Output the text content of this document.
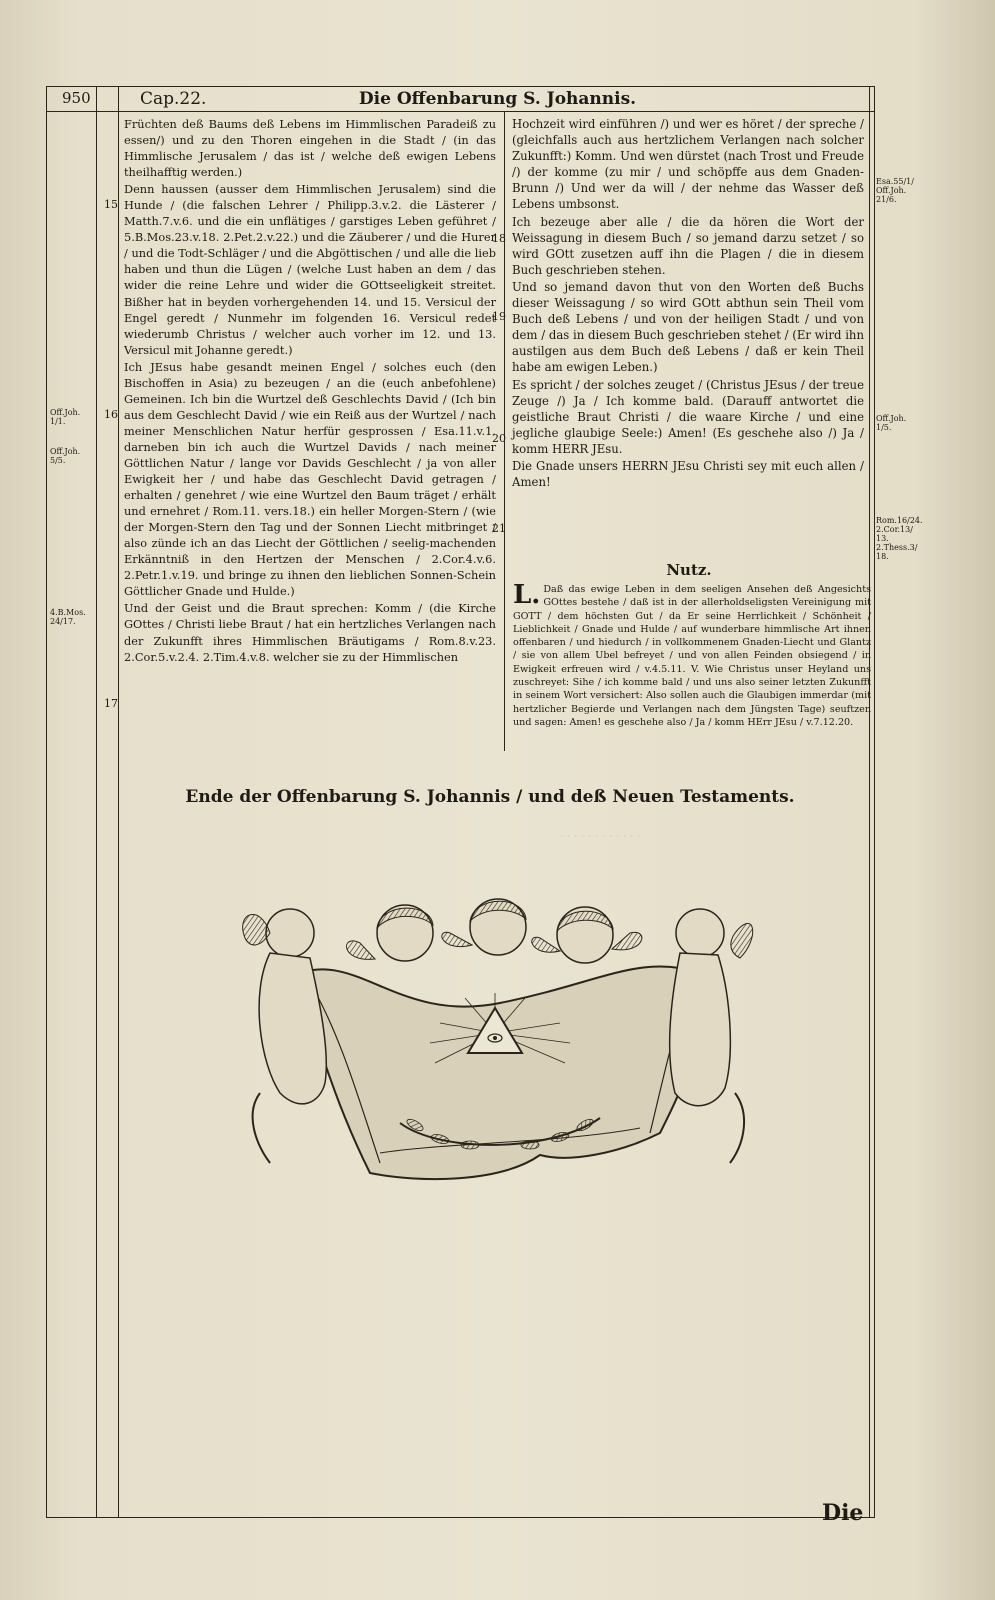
· · · · · · · · · · · ·
950	Cap.22.	Die Offenbarung S. Johannis.
15
16
17
18
19
20
21
Off.Joh. 1/1.
Off.Joh. 5/5.
4.B.Mos. 24/17.
Esa.55/1/ Off.Joh. 21/6.
Off.Joh. 1/5.
Rom.16/24. 2.Cor.13/ 13. 2.Thess.3/ 18.

Früchten deß Baums deß Lebens im Himmlischen Paradeiß zu essen/) und zu den Thoren eingehen in die Stadt / (in das Himmlische Jerusalem / das ist / welche deß ewigen Lebens theilhafftig werden.)

Denn haussen (ausser dem Himmlischen Jerusalem) sind die Hunde / (die falschen Lehrer / Philipp.3.v.2. die Lästerer / Matth.7.v.6. und die ein unflätiges / garstiges Leben geführet / 5.B.Mos.23.v.18. 2.Pet.2.v.22.) und die Zäuberer / und die Hurer / und die Todt-Schläger / und die Abgöttischen / und alle die lieb haben und thun die Lügen / (welche Lust haben an dem / das wider die reine Lehre und wider die GOttseeligkeit streitet. Bißher hat in beyden vorhergehenden 14. und 15. Versicul der Engel geredt / Nunmehr im folgenden 16. Versicul redet wiederumb Christus / welcher auch vorher im 12. und 13. Versicul mit Johanne geredt.)

Ich JEsus habe gesandt meinen Engel / solches euch (den Bischoffen in Asia) zu bezeugen / an die (euch anbefohlene) Gemeinen. Ich bin die Wurtzel deß Geschlechts David / (Ich bin aus dem Geschlecht David / wie ein Reiß aus der Wurtzel / nach meiner Menschlichen Natur herfür gesprossen / Esa.11.v.1. darneben bin ich auch die Wurtzel Davids / nach meiner Göttlichen Natur / lange vor Davids Geschlecht / ja von aller Ewigkeit her / und habe das Geschlecht David getragen / erhalten / genehret / wie eine Wurtzel den Baum träget / erhält und ernehret / Rom.11. vers.18.) ein heller Morgen-Stern / (wie der Morgen-Stern den Tag und der Sonnen Liecht mitbringet / also zünde ich an das Liecht der Göttlichen / seelig-machenden Erkänntniß in den Hertzen der Menschen / 2.Cor.4.v.6. 2.Petr.1.v.19. und bringe zu ihnen den lieblichen Sonnen-Schein Göttlicher Gnade und Hulde.)

Und der Geist und die Braut sprechen: Komm / (die Kirche GOttes / Christi liebe Braut / hat ein hertzliches Verlangen nach der Zukunfft ihres Himmlischen Bräutigams / Rom.8.v.23. 2.Cor.5.v.2.4. 2.Tim.4.v.8. welcher sie zu der Himmlischen

Hochzeit wird einführen /) und wer es höret / der spreche / (gleichfalls auch aus hertzlichem Verlangen nach solcher Zukunfft:) Komm. Und wen dürstet (nach Trost und Freude /) der komme (zu mir / und schöpffe aus dem Gnaden-Brunn /) Und wer da will / der nehme das Wasser deß Lebens umbsonst.

Ich bezeuge aber alle / die da hören die Wort der Weissagung in diesem Buch / so jemand darzu setzet / so wird GOtt zusetzen auff ihn die Plagen / die in diesem Buch geschrieben stehen.

Und so jemand davon thut von den Worten deß Buchs dieser Weissagung / so wird GOtt abthun sein Theil vom Buch deß Lebens / und von der heiligen Stadt / und von dem / das in diesem Buch geschrieben stehet / (Er wird ihn austilgen aus dem Buch deß Lebens / daß er kein Theil habe am ewigen Leben.)

Es spricht / der solches zeuget / (Christus JEsus / der treue Zeuge /) Ja / Ich komme bald. (Darauff antwortet die geistliche Braut Christi / die waare Kirche / und eine jegliche glaubige Seele:) Amen! (Es geschehe also /) Ja / komm HERR JEsu.

Die Gnade unsers HERRN JEsu Christi sey mit euch allen / Amen!

Nutz.
L. Daß das ewige Leben in dem seeligen Ansehen deß Angesichts GOttes bestehe / daß ist in der allerholdseligsten Vereinigung mit GOTT / dem höchsten Gut / da Er seine Herrlichkeit / Schönheit / Lieblichkeit / Gnade und Hulde / auf wunderbare himmlische Art ihnen offenbaren / und hiedurch / in vollkommenem Gnaden-Liecht und Glantz / sie von allem Ubel befreyet / und von allen Feinden obsiegend / in Ewigkeit erfreuen wird / v.4.5.11. V. Wie Christus unser Heyland uns zuschreyet: Sihe / ich komme bald / und uns also seiner letzten Zukunfft in seinem Wort versichert: Also sollen auch die Glaubigen immerdar (mit hertzlicher Begierde und Verlangen nach dem Jüngsten Tage) seuftzen und sagen: Amen! es geschehe also / Ja / komm HErr JEsu / v.7.12.20.
Ende der Offenbarung S. Johannis / und deß Neuen Testaments.
Die
